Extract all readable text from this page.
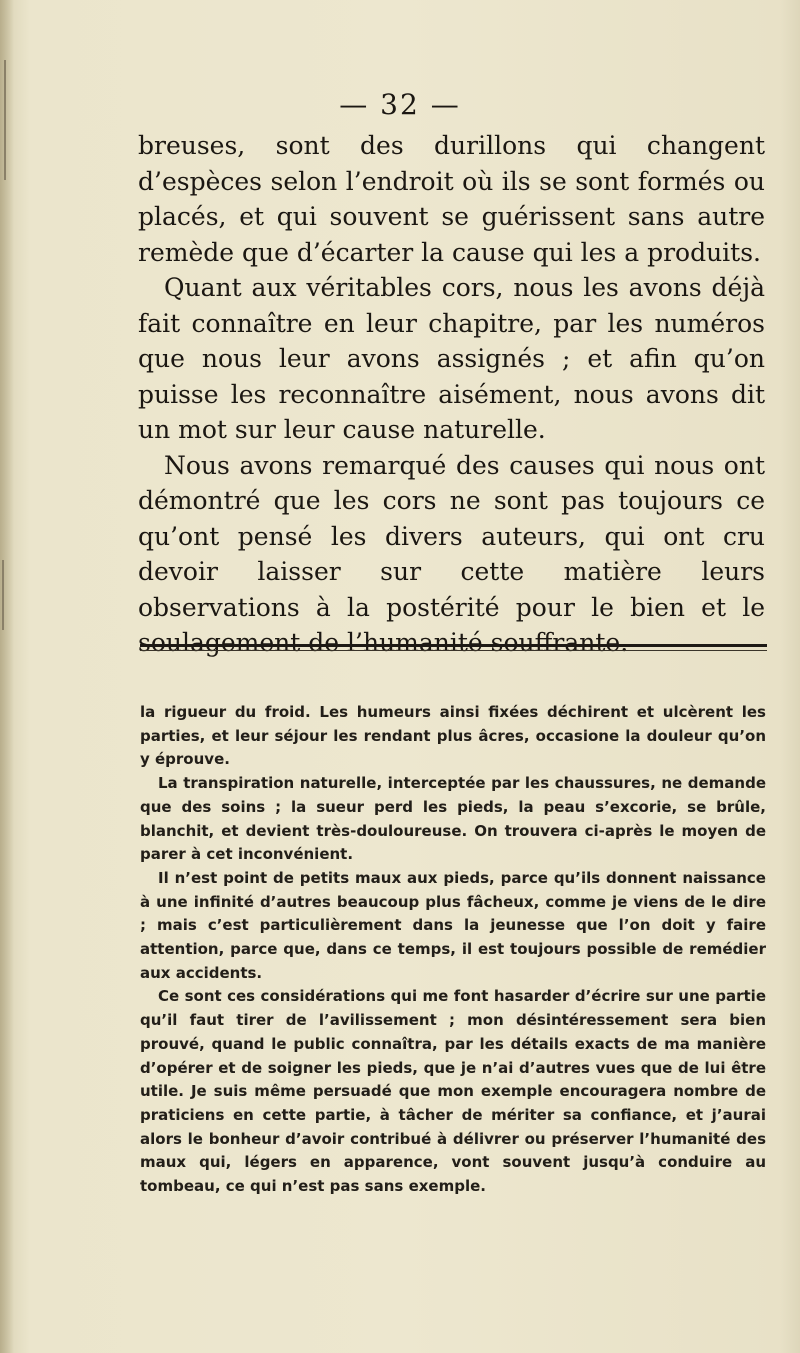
— 32 —

breuses, sont des durillons qui changent d’espèces selon l’endroit où ils se sont formés ou placés, et qui souvent se guérissent sans autre remède que d’écarter la cause qui les a produits.

Quant aux véritables cors, nous les avons déjà fait connaître en leur chapitre, par les numéros que nous leur avons assignés ; et afin qu’on puisse les reconnaître aisément, nous avons dit un mot sur leur cause naturelle.

Nous avons remarqué des causes qui nous ont démontré que les cors ne sont pas toujours ce qu’ont pensé les divers auteurs, qui ont cru devoir laisser sur cette matière leurs observations à la postérité pour le bien et le soulagement de l’humanité souffrante.

la rigueur du froid. Les humeurs ainsi fixées déchirent et ulcèrent les parties, et leur séjour les rendant plus âcres, occasione la douleur qu’on y éprouve.

La transpiration naturelle, interceptée par les chaussures, ne demande que des soins ; la sueur perd les pieds, la peau s’excorie, se brûle, blanchit, et devient très-douloureuse. On trouvera ci-après le moyen de parer à cet inconvénient.

Il n’est point de petits maux aux pieds, parce qu’ils donnent naissance à une infinité d’autres beaucoup plus fâcheux, comme je viens de le dire ; mais c’est particulièrement dans la jeunesse que l’on doit y faire attention, parce que, dans ce temps, il est toujours possible de remédier aux accidents.

Ce sont ces considérations qui me font hasarder d’écrire sur une partie qu’il faut tirer de l’avilissement ; mon désintéressement sera bien prouvé, quand le public connaîtra, par les détails exacts de ma manière d’opérer et de soigner les pieds, que je n’ai d’autres vues que de lui être utile. Je suis même persuadé que mon exemple encouragera nombre de praticiens en cette partie, à tâcher de mériter sa confiance, et j’aurai alors le bonheur d’avoir contribué à délivrer ou préserver l’humanité des maux qui, légers en apparence, vont souvent jusqu’à conduire au tombeau, ce qui n’est pas sans exemple.
